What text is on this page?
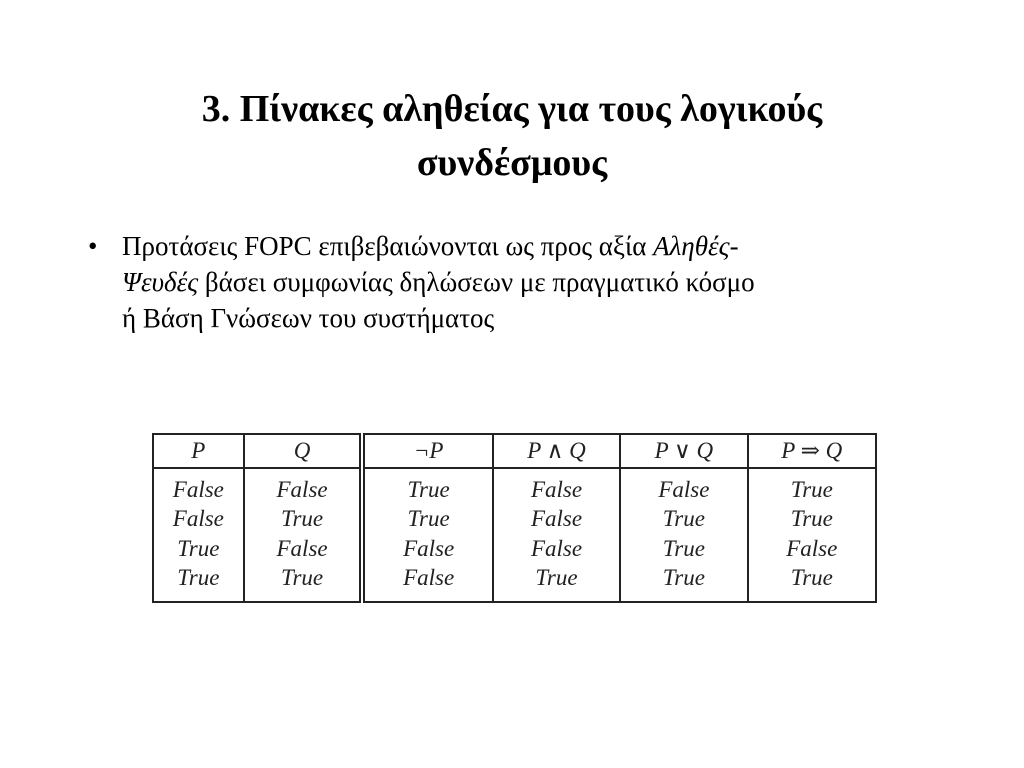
3. Πίνακες αληθείας για τους λογικούς
συνδέσμους
• Προτάσεις FOPC επιβεβαιώνονται ως προς αξία Αληθές-
Ψευδές βάσει συμφωνίας δηλώσεων με πραγματικό κόσμο
ή Βάση Γνώσεων του συστήματος
P	Q	¬P	P ∧ Q	P ∨ Q	P ⇒ Q
False	False	True	False	False	True
False	True	True	False	True	True
True	False	False	False	True	False
True	True	False	True	True	True
